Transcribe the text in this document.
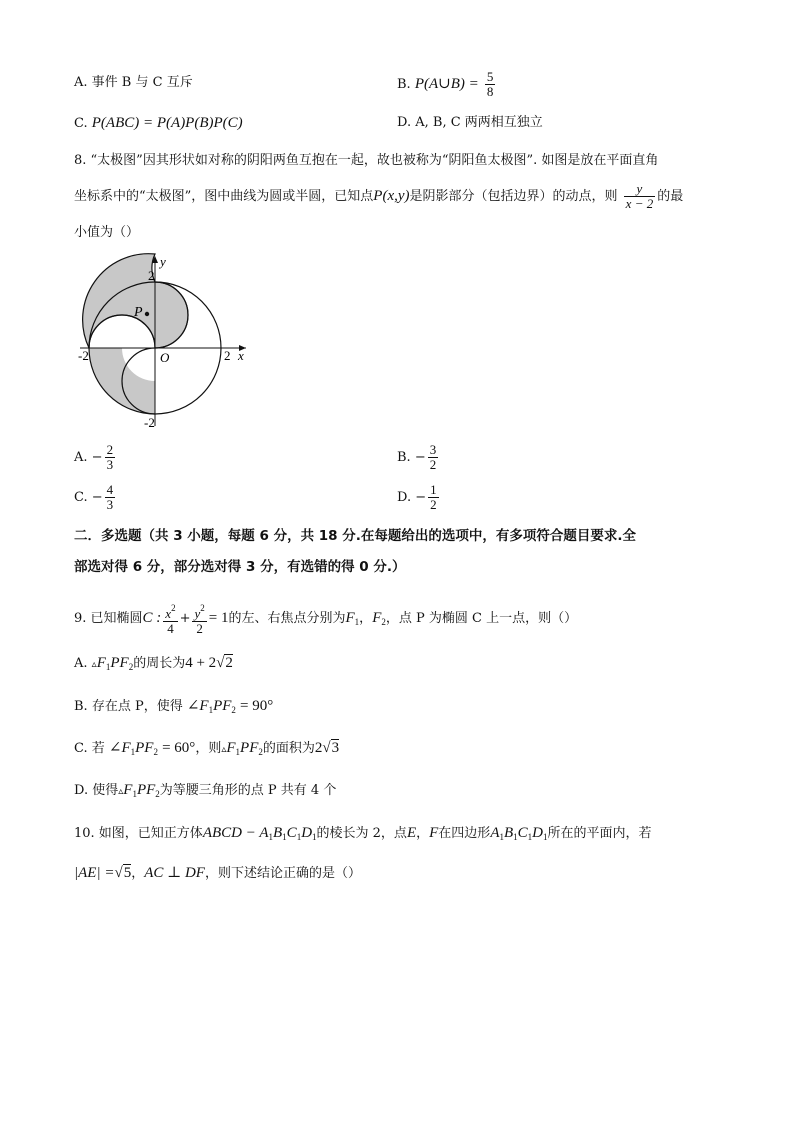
A. 事件 B 与 C 互斥	B. P(A∪B) = $\frac{5}{8}$
C. P(ABC) = P(A)P(B)P(C)	D. A, B, C 两两相互独立
8. “太极图”因其形状如对称的阴阳两鱼互抱在一起，故也被称为“阴阳鱼太极图”. 如图是放在平面直角
坐标系中的“太极图”，图中曲线为圆或半圆，已知点P(x,y)是阴影部分（包括边界）的动点，则 $\frac{y}{x - 2}$ 的最
小值为（）
P
y
x
O
2
-2
-2	2
A. − $\frac{2}{3}$	B. − $\frac{3}{2}$
C. − $\frac{4}{3}$	D. − $\frac{1}{2}$
二．多选题（共 3 小题，每题 6 分，共 18 分.在每题给出的选项中，有多项符合题目要求.全
部选对得 6 分，部分选对得 3 分，有选错的得 0 分.）
9. 已知椭圆C : $\frac{x^2}{4} + \frac{y^2}{2} = 1$的左、右焦点分别为$F_1$，$F_2$，点 P 为椭圆 C 上一点，则（）
A. $▵F_1PF_2$的周长为4 + 2√2
B. 存在点 P，使得 $\angle F_1PF_2 = 90^\circ$
C. 若 $\angle F_1PF_2 = 60^\circ$，则$▵F_1PF_2$的面积为2√3
D. 使得$▵F_1PF_2$为等腰三角形的点 P 共有 4 个
10. 如图，已知正方体ABCD − $A_1B_1C_1D_1$的棱长为 2，点E，F在四边形$A_1B_1C_1D_1$所在的平面内，若
|AE| =√5，AC ⊥ DF，则下述结论正确的是（）
